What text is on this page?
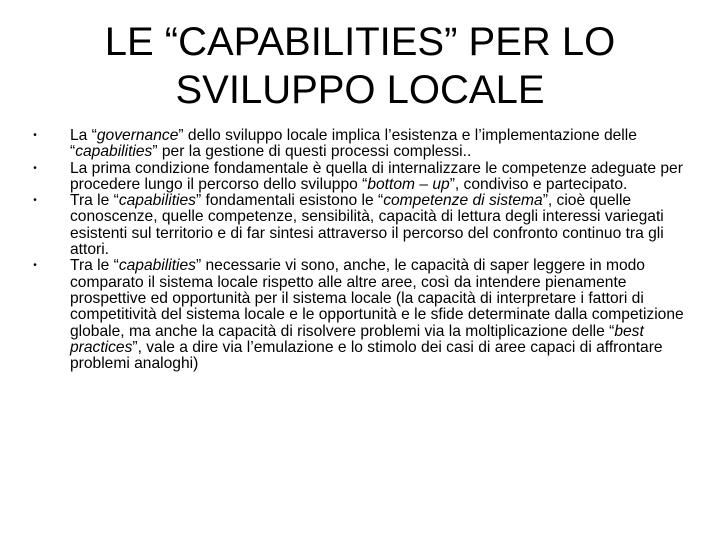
LE “CAPABILITIES” PER LO
SVILUPPO LOCALE
• La “governance” dello sviluppo locale implica l’esistenza e l’implementazione delle “capabilities” per la gestione di questi processi complessi..
• La prima condizione fondamentale è quella di internalizzare le competenze adeguate per procedere lungo il percorso dello sviluppo “bottom – up”, condiviso e partecipato.
• Tra le “capabilities” fondamentali esistono le “competenze di sistema”, cioè quelle conoscenze, quelle competenze, sensibilità, capacità di lettura degli interessi variegati esistenti sul territorio e di far sintesi attraverso il percorso del confronto continuo tra gli attori.
• Tra le “capabilities” necessarie vi sono, anche, le capacità di saper leggere in modo comparato il sistema locale rispetto alle altre aree, così da intendere pienamente prospettive ed opportunità per il sistema locale (la capacità di interpretare i fattori di competitività del sistema locale e le opportunità e le sfide determinate dalla competizione globale, ma anche la capacità di risolvere problemi via la moltiplicazione delle “best practices”, vale a dire via l’emulazione e lo stimolo dei casi di aree capaci di affrontare problemi analoghi)
